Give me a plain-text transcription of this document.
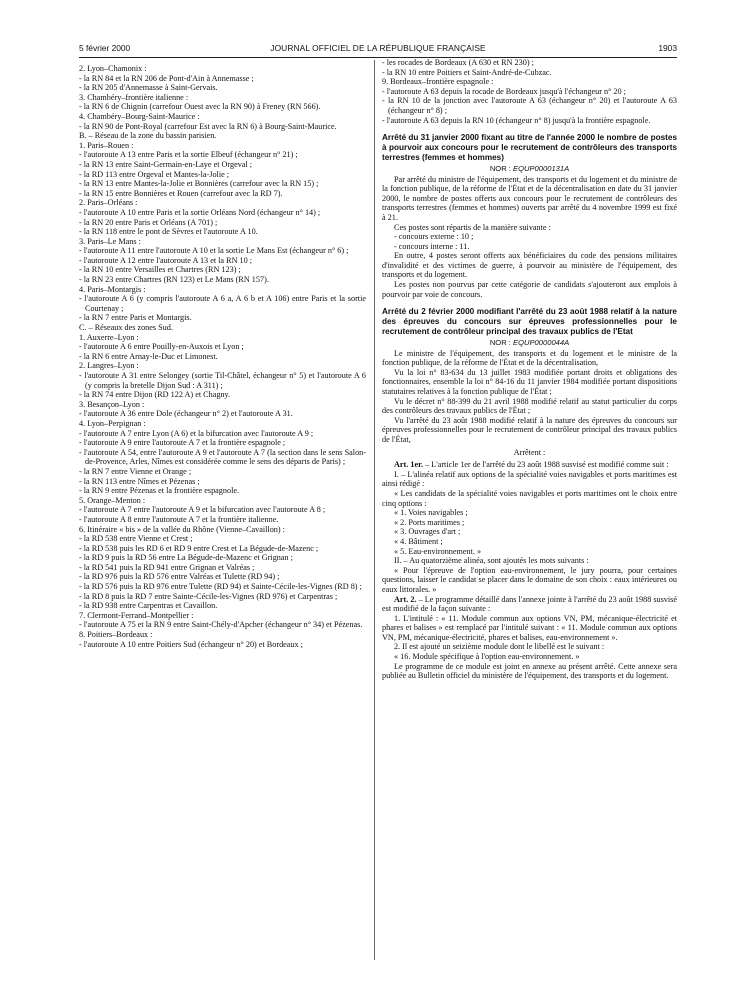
5 février 2000	JOURNAL OFFICIEL DE LA RÉPUBLIQUE FRANÇAISE	1903

2. Lyon–Chamonix :

- la RN 84 et la RN 206 de Pont-d'Ain à Annemasse ;

- la RN 205 d'Annemasse à Saint-Gervais.

3. Chambéry–frontière italienne :

- la RN 6 de Chignin (carrefour Ouest avec la RN 90) à Freney (RN 566).

4. Chambéry–Bourg-Saint-Maurice :

- la RN 90 de Pont-Royal (carrefour Est avec la RN 6) à Bourg-Saint-Maurice.

B. – Réseau de la zone du bassin parisien.

1. Paris–Rouen :

- l'autoroute A 13 entre Paris et la sortie Elbeuf (échangeur n° 21) ;

- la RN 13 entre Saint-Germain-en-Laye et Orgeval ;

- la RD 113 entre Orgeval et Mantes-la-Jolie ;

- la RN 13 entre Mantes-la-Jolie et Bonnières (carrefour avec la RN 15) ;

- la RN 15 entre Bonnières et Rouen (carrefour avec la RD 7).

2. Paris–Orléans :

- l'autoroute A 10 entre Paris et la sortie Orléans Nord (échangeur n° 14) ;

- la RN 20 entre Paris et Orléans (A 701) ;

- la RN 118 entre le pont de Sèvres et l'autoroute A 10.

3. Paris–Le Mans :

- l'autoroute A 11 entre l'autoroute A 10 et la sortie Le Mans Est (échangeur n° 6) ;

- l'autoroute A 12 entre l'autoroute A 13 et la RN 10 ;

- la RN 10 entre Versailles et Chartres (RN 123) ;

- la RN 23 entre Chartres (RN 123) et Le Mans (RN 157).

4. Paris–Montargis :

- l'autoroute A 6 (y compris l'autoroute A 6 a, A 6 b et A 106) entre Paris et la sortie Courtenay ;

- la RN 7 entre Paris et Montargis.

C. – Réseaux des zones Sud.

1. Auxerre–Lyon :

- l'autoroute A 6 entre Pouilly-en-Auxois et Lyon ;

- la RN 6 entre Arnay-le-Duc et Limonest.

2. Langres–Lyon :

- l'autoroute A 31 entre Selongey (sortie Til-Châtel, échangeur n° 5) et l'autoroute A 6 (y compris la bretelle Dijon Sud : A 311) ;

- la RN 74 entre Dijon (RD 122 A) et Chagny.

3. Besançon–Lyon :

- l'autoroute A 36 entre Dole (échangeur n° 2) et l'autoroute A 31.

4. Lyon–Perpignan :

- l'autoroute A 7 entre Lyon (A 6) et la bifurcation avec l'autoroute A 9 ;

- l'autoroute A 9 entre l'autoroute A 7 et la frontière espagnole ;

- l'autoroute A 54, entre l'autoroute A 9 et l'autoroute A 7 (la section dans le sens Salon-de-Provence, Arles, Nîmes est considérée comme le sens des départs de Paris) ;

- la RN 7 entre Vienne et Orange ;

- la RN 113 entre Nîmes et Pézenas ;

- la RN 9 entre Pézenas et la frontière espagnole.

5. Orange–Menton :

- l'autoroute A 7 entre l'autoroute A 9 et la bifurcation avec l'autoroute A 8 ;

- l'autoroute A 8 entre l'autoroute A 7 et la frontière italienne.

6. Itinéraire « bis » de la vallée du Rhône (Vienne–Cavaillon) :

- la RD 538 entre Vienne et Crest ;

- la RD 538 puis les RD 6 et RD 9 entre Crest et La Bégude-de-Mazenc ;

- la RD 9 puis la RD 56 entre La Bégude-de-Mazenc et Grignan ;

- la RD 541 puis la RD 941 entre Grignan et Valréas ;

- la RD 976 puis la RD 576 entre Valréas et Tulette (RD 94) ;

- la RD 576 puis la RD 976 entre Tulette (RD 94) et Sainte-Cécile-les-Vignes (RD 8) ;

- la RD 8 puis la RD 7 entre Sainte-Cécile-les-Vignes (RD 976) et Carpentras ;

- la RD 938 entre Carpentras et Cavaillon.

7. Clermont-Ferrand–Montpellier :

- l'autoroute A 75 et la RN 9 entre Saint-Chély-d'Apcher (échangeur n° 34) et Pézenas.

8. Poitiers–Bordeaux :

- l'autoroute A 10 entre Poitiers Sud (échangeur n° 20) et Bordeaux ;

- les rocades de Bordeaux (A 630 et RN 230) ;

- la RN 10 entre Poitiers et Saint-André-de-Cubzac.

9. Bordeaux–frontière espagnole :

- l'autoroute A 63 depuis la rocade de Bordeaux jusqu'à l'échangeur n° 20 ;

- la RN 10 de la jonction avec l'autoroute A 63 (échangeur n° 20) et l'autoroute A 63 (échangeur n° 8) ;

- l'autoroute A 63 depuis la RN 10 (échangeur n° 8) jusqu'à la frontière espagnole.

Arrêté du 31 janvier 2000 fixant au titre de l'année 2000 le nombre de postes à pourvoir aux concours pour le recrutement de contrôleurs des transports terrestres (femmes et hommes)

NOR : EQUP0000131A

Par arrêté du ministre de l'équipement, des transports et du logement et du ministre de la fonction publique, de la réforme de l'État et de la décentralisation en date du 31 janvier 2000, le nombre de postes offerts aux concours pour le recrutement de contrôleurs des transports terrestres (femmes et hommes) ouverts par arrêté du 4 novembre 1999 est fixé à 21.

Ces postes sont répartis de la manière suivante :

- concours externe : 10 ;

- concours interne : 11.

En outre, 4 postes seront offerts aux bénéficiaires du code des pensions militaires d'invalidité et des victimes de guerre, à pourvoir au ministère de l'équipement, des transports et du logement.

Les postes non pourvus par cette catégorie de candidats s'ajouteront aux emplois à pourvoir par voie de concours.

Arrêté du 2 février 2000 modifiant l'arrêté du 23 août 1988 relatif à la nature des épreuves du concours sur épreuves professionnelles pour le recrutement de contrôleur principal des travaux publics de l'Etat

NOR : EQUP0000044A

Le ministre de l'équipement, des transports et du logement et le ministre de la fonction publique, de la réforme de l'État et de la décentralisation,

Vu la loi n° 83-634 du 13 juillet 1983 modifiée portant droits et obligations des fonctionnaires, ensemble la loi n° 84-16 du 11 janvier 1984 modifiée portant dispositions statutaires relatives à la fonction publique de l'État ;

Vu le décret n° 88-399 du 21 avril 1988 modifié relatif au statut particulier du corps des contrôleurs des travaux publics de l'État ;

Vu l'arrêté du 23 août 1988 modifié relatif à la nature des épreuves du concours sur épreuves professionnelles pour le recrutement de contrôleur principal des travaux publics de l'État,

Arrêtent :

Art. 1er. – L'article 1er de l'arrêté du 23 août 1988 susvisé est modifié comme suit :

I. – L'alinéa relatif aux options de la spécialité voies navigables et ports maritimes est ainsi rédigé :

« Les candidats de la spécialité voies navigables et ports maritimes ont le choix entre cinq options :

« 1. Voies navigables ;

« 2. Ports maritimes ;

« 3. Ouvrages d'art ;

« 4. Bâtiment ;

« 5. Eau-environnement. »

II. – Au quatorzième alinéa, sont ajoutés les mots suivants :

« Pour l'épreuve de l'option eau-environnement, le jury pourra, pour certaines questions, laisser le candidat se placer dans le domaine de son choix : eaux intérieures ou eaux littorales. »

Art. 2. – Le programme détaillé dans l'annexe jointe à l'arrêté du 23 août 1988 susvisé est modifié de la façon suivante :

1. L'intitulé : « 11. Module commun aux options VN, PM, mécanique-électricité et phares et balises » est remplacé par l'intitulé suivant : « 11. Module commun aux options VN, PM, mécanique-électricité, phares et balises, eau-environnement ».

2. Il est ajouté un seizième module dont le libellé est le suivant :

« 16. Module spécifique à l'option eau-environnement. »

Le programme de ce module est joint en annexe au présent arrêté. Cette annexe sera publiée au Bulletin officiel du ministère de l'équipement, des transports et du logement.
